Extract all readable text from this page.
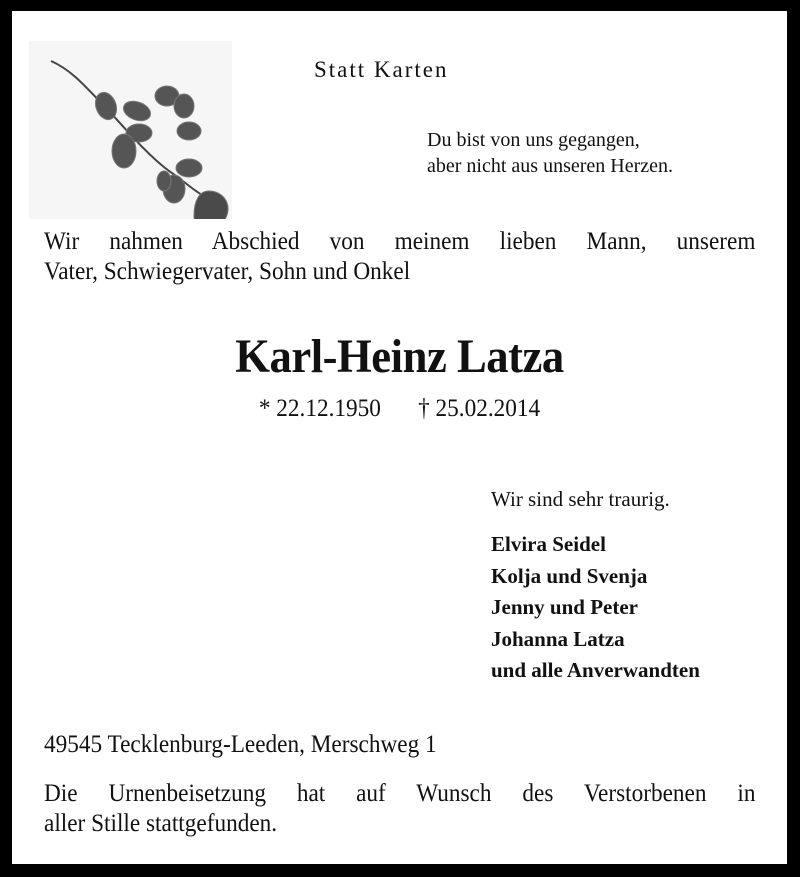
Statt Karten
Du bist von uns gegangen,
aber nicht aus unseren Herzen.
Wir nahmen Abschied von meinem lieben Mann, unserem
Vater, Schwiegervater, Sohn und Onkel
Karl-Heinz Latza
* 22.12.1950 † 25.02.2014
Wir sind sehr traurig.
Elvira Seidel
Kolja und Svenja
Jenny und Peter
Johanna Latza
und alle Anverwandten
49545 Tecklenburg-Leeden, Merschweg 1
Die Urnenbeisetzung hat auf Wunsch des Verstorbenen in
aller Stille stattgefunden.
